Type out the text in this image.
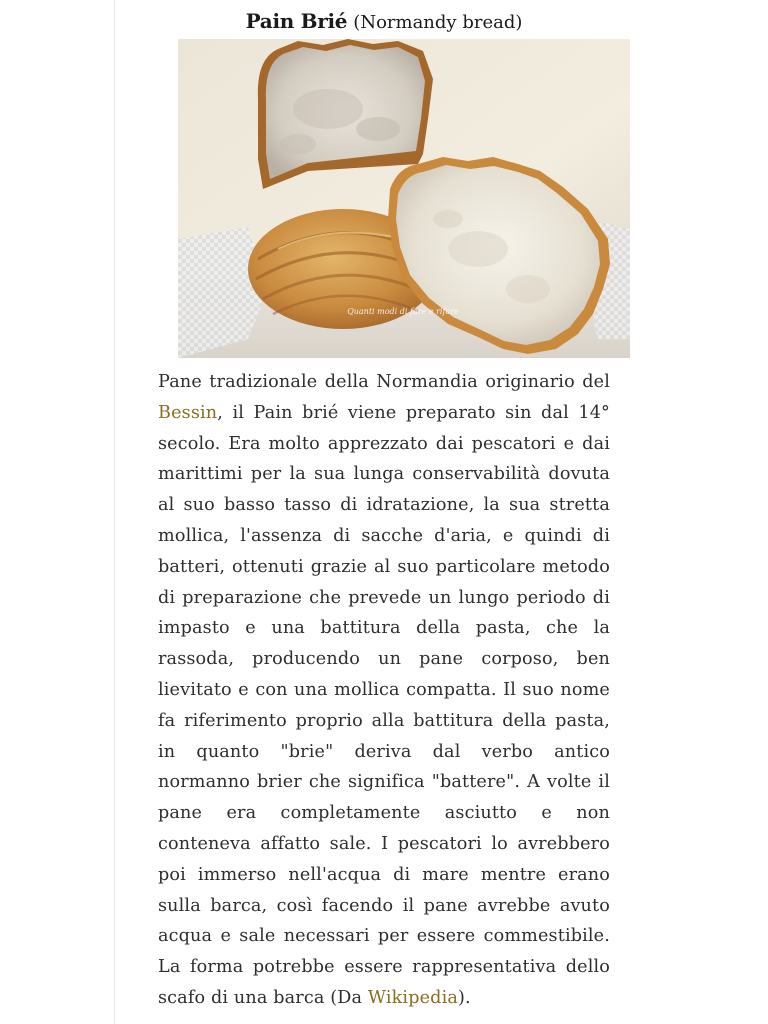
Pain Brié (Normandy bread)
Quanti modi di fare e rifare

Pane tradizionale della Normandia originario del Bessin, il Pain brié viene preparato sin dal 14° secolo. Era molto apprezzato dai pescatori e dai marittimi per la sua lunga conservabilità dovuta al suo basso tasso di idratazione, la sua stretta mollica, l'assenza di sacche d'aria, e quindi di batteri, ottenuti grazie al suo particolare metodo di preparazione che prevede un lungo periodo di impasto e una battitura della pasta, che la rassoda, producendo un pane corposo, ben lievitato e con una mollica compatta. Il suo nome fa riferimento proprio alla battitura della pasta, in quanto "brie" deriva dal verbo antico normanno brier che significa "battere". A volte il pane era completamente asciutto e non conteneva affatto sale. I pescatori lo avrebbero poi immerso nell'acqua di mare mentre erano sulla barca, così facendo il pane avrebbe avuto acqua e sale necessari per essere commestibile. La forma potrebbe essere rappresentativa dello scafo di una barca (Da Wikipedia).
